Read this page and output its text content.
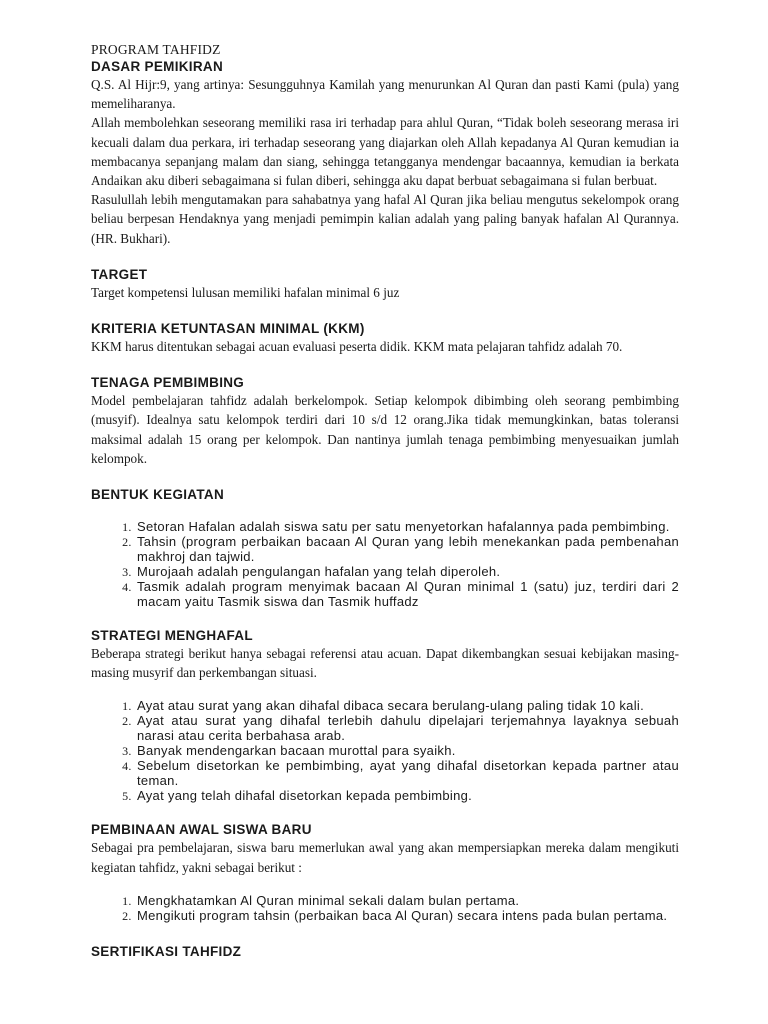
PROGRAM TAHFIDZ
DASAR PEMIKIRAN

Q.S. Al Hijr:9, yang artinya: Sesungguhnya Kamilah yang menurunkan Al Quran dan pasti Kami (pula) yang memeliharanya.

Allah membolehkan seseorang memiliki rasa iri terhadap para ahlul Quran, “Tidak boleh seseorang merasa iri kecuali dalam dua perkara, iri terhadap seseorang yang diajarkan oleh Allah kepadanya Al Quran kemudian ia membacanya sepanjang malam dan siang, sehingga tetangganya mendengar bacaannya, kemudian ia berkata Andaikan aku diberi sebagaimana si fulan diberi, sehingga aku dapat berbuat sebagaimana si fulan berbuat.

Rasulullah lebih mengutamakan para sahabatnya yang hafal Al Quran jika beliau mengutus sekelompok orang beliau berpesan Hendaknya yang menjadi pemimpin kalian adalah yang paling banyak hafalan Al Qurannya. (HR. Bukhari).

TARGET

Target kompetensi lulusan memiliki hafalan minimal 6 juz

KRITERIA KETUNTASAN MINIMAL (KKM)

KKM harus ditentukan sebagai acuan evaluasi peserta didik. KKM mata pelajaran tahfidz adalah 70.

TENAGA PEMBIMBING

Model pembelajaran tahfidz adalah berkelompok. Setiap kelompok dibimbing oleh seorang pembimbing (musyif). Idealnya satu kelompok terdiri dari 10 s/d 12 orang.Jika tidak memungkinkan, batas toleransi maksimal adalah 15 orang per kelompok. Dan nantinya jumlah tenaga pembimbing menyesuaikan jumlah kelompok.

BENTUK KEGIATAN
1. Setoran Hafalan adalah siswa satu per satu menyetorkan hafalannya pada pembimbing.
2. Tahsin (program perbaikan bacaan Al Quran yang lebih menekankan pada pembenahan makhroj dan tajwid.
3. Murojaah adalah pengulangan hafalan yang telah diperoleh.
4. Tasmik adalah program menyimak bacaan Al Quran minimal 1 (satu) juz, terdiri dari 2 macam yaitu Tasmik siswa dan Tasmik huffadz
STRATEGI MENGHAFAL

Beberapa strategi berikut hanya sebagai referensi atau acuan. Dapat dikembangkan sesuai kebijakan masing-masing musyrif dan perkembangan situasi.

1. Ayat atau surat yang akan dihafal dibaca secara berulang-ulang paling tidak 10 kali.
2. Ayat atau surat yang dihafal terlebih dahulu dipelajari terjemahnya layaknya sebuah narasi atau cerita berbahasa arab.
3. Banyak mendengarkan bacaan murottal para syaikh.
4. Sebelum disetorkan ke pembimbing, ayat yang dihafal disetorkan kepada partner atau teman.
5. Ayat yang telah dihafal disetorkan kepada pembimbing.
PEMBINAAN AWAL SISWA BARU

Sebagai pra pembelajaran, siswa baru memerlukan awal yang akan mempersiapkan mereka dalam mengikuti kegiatan tahfidz, yakni sebagai berikut :

1. Mengkhatamkan Al Quran minimal sekali dalam bulan pertama.
2. Mengikuti program tahsin (perbaikan baca Al Quran) secara intens pada bulan pertama.
SERTIFIKASI TAHFIDZ
